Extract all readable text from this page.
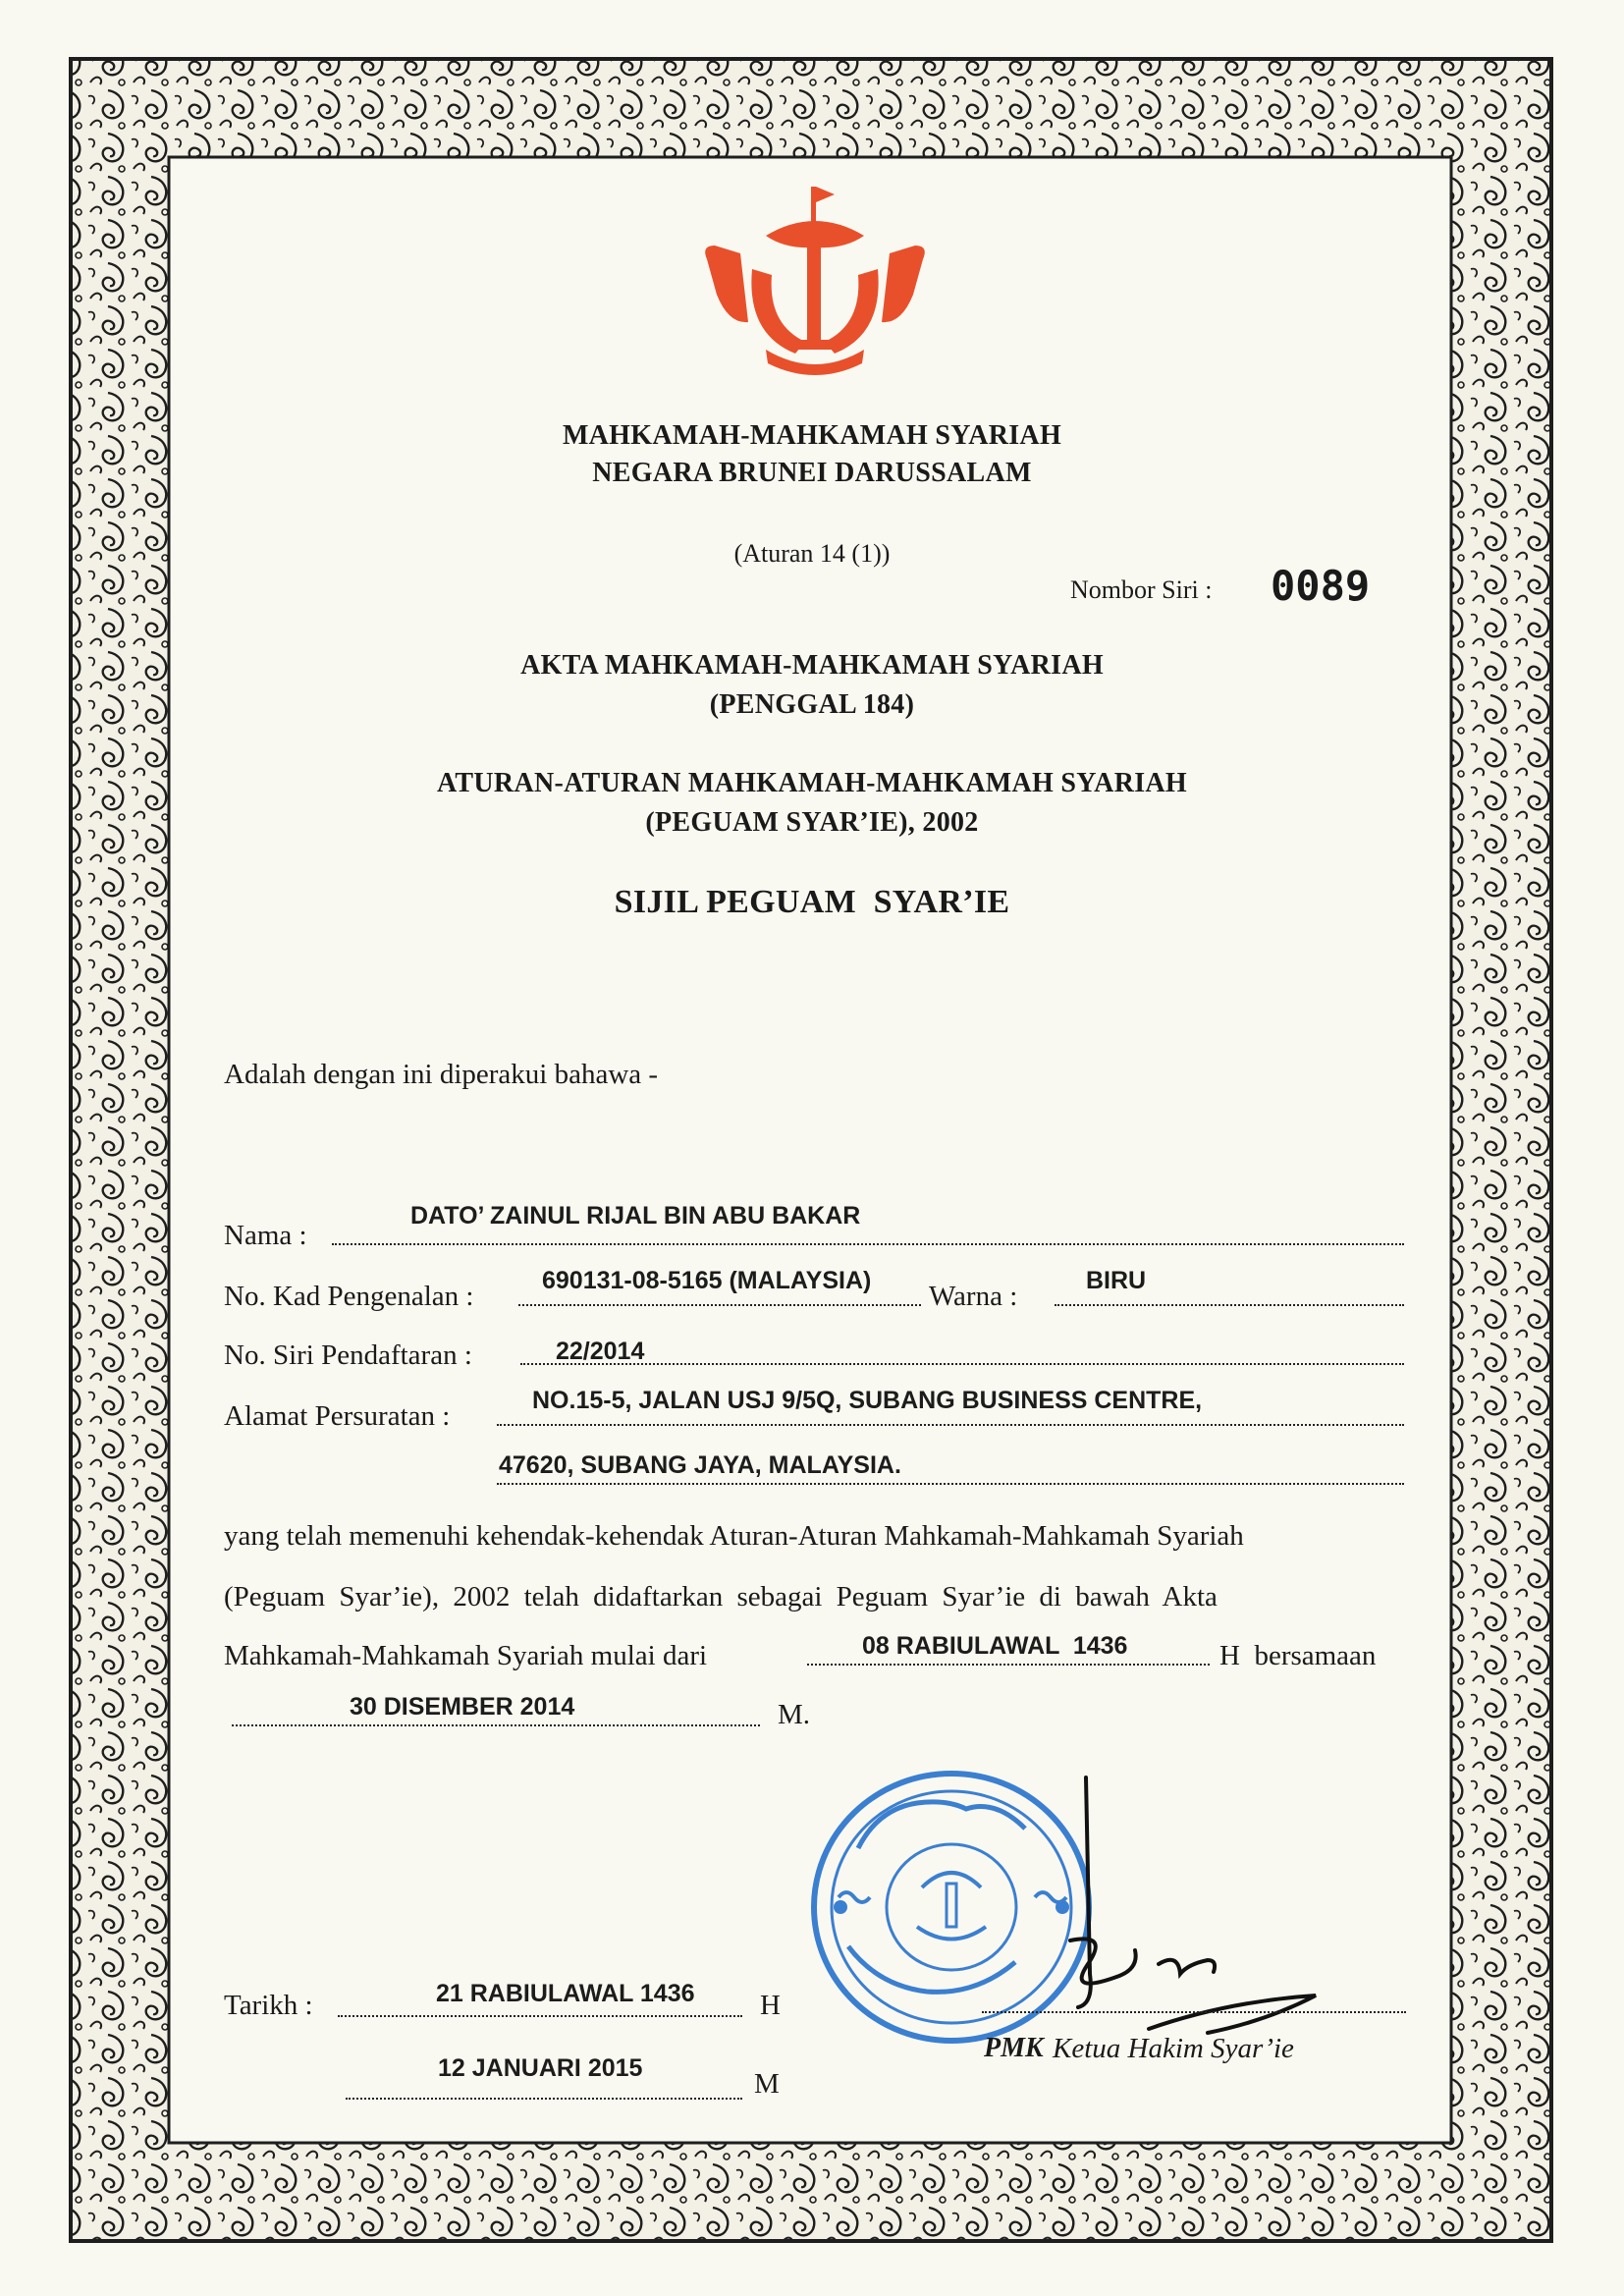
MAHKAMAH-MAHKAMAH SYARIAH
NEGARA BRUNEI DARUSSALAM
(Aturan 14 (1))
Nombor Siri : 0089
AKTA MAHKAMAH-MAHKAMAH SYARIAH
(PENGGAL 184)
ATURAN-ATURAN MAHKAMAH-MAHKAMAH SYARIAH
(PEGUAM SYAR’IE), 2002
SIJIL PEGUAM  SYAR’IE
Adalah dengan ini diperakui bahawa -
Nama :
DATO’ ZAINUL RIJAL BIN ABU BAKAR
No. Kad Pengenalan :	690131-08-5165 (MALAYSIA) Warna :	BIRU
No. Siri Pendaftaran :	22/2014
Alamat Persuratan :	NO.15-5, JALAN USJ 9/5Q, SUBANG BUSINESS CENTRE,
47620, SUBANG JAYA, MALAYSIA.
yang telah memenuhi kehendak-kehendak Aturan-Aturan Mahkamah-Mahkamah Syariah
(Peguam Syar’ie), 2002 telah didaftarkan sebagai Peguam Syar’ie di bawah Akta
Mahkamah-Mahkamah Syariah mulai dari	08 RABIULAWAL  1436	H  bersamaan
30 DISEMBER 2014	M.
Tarikh :	21 RABIULAWAL 1436 H
12 JANUARI 2015	M
PMK Ketua Hakim Syar’ie
